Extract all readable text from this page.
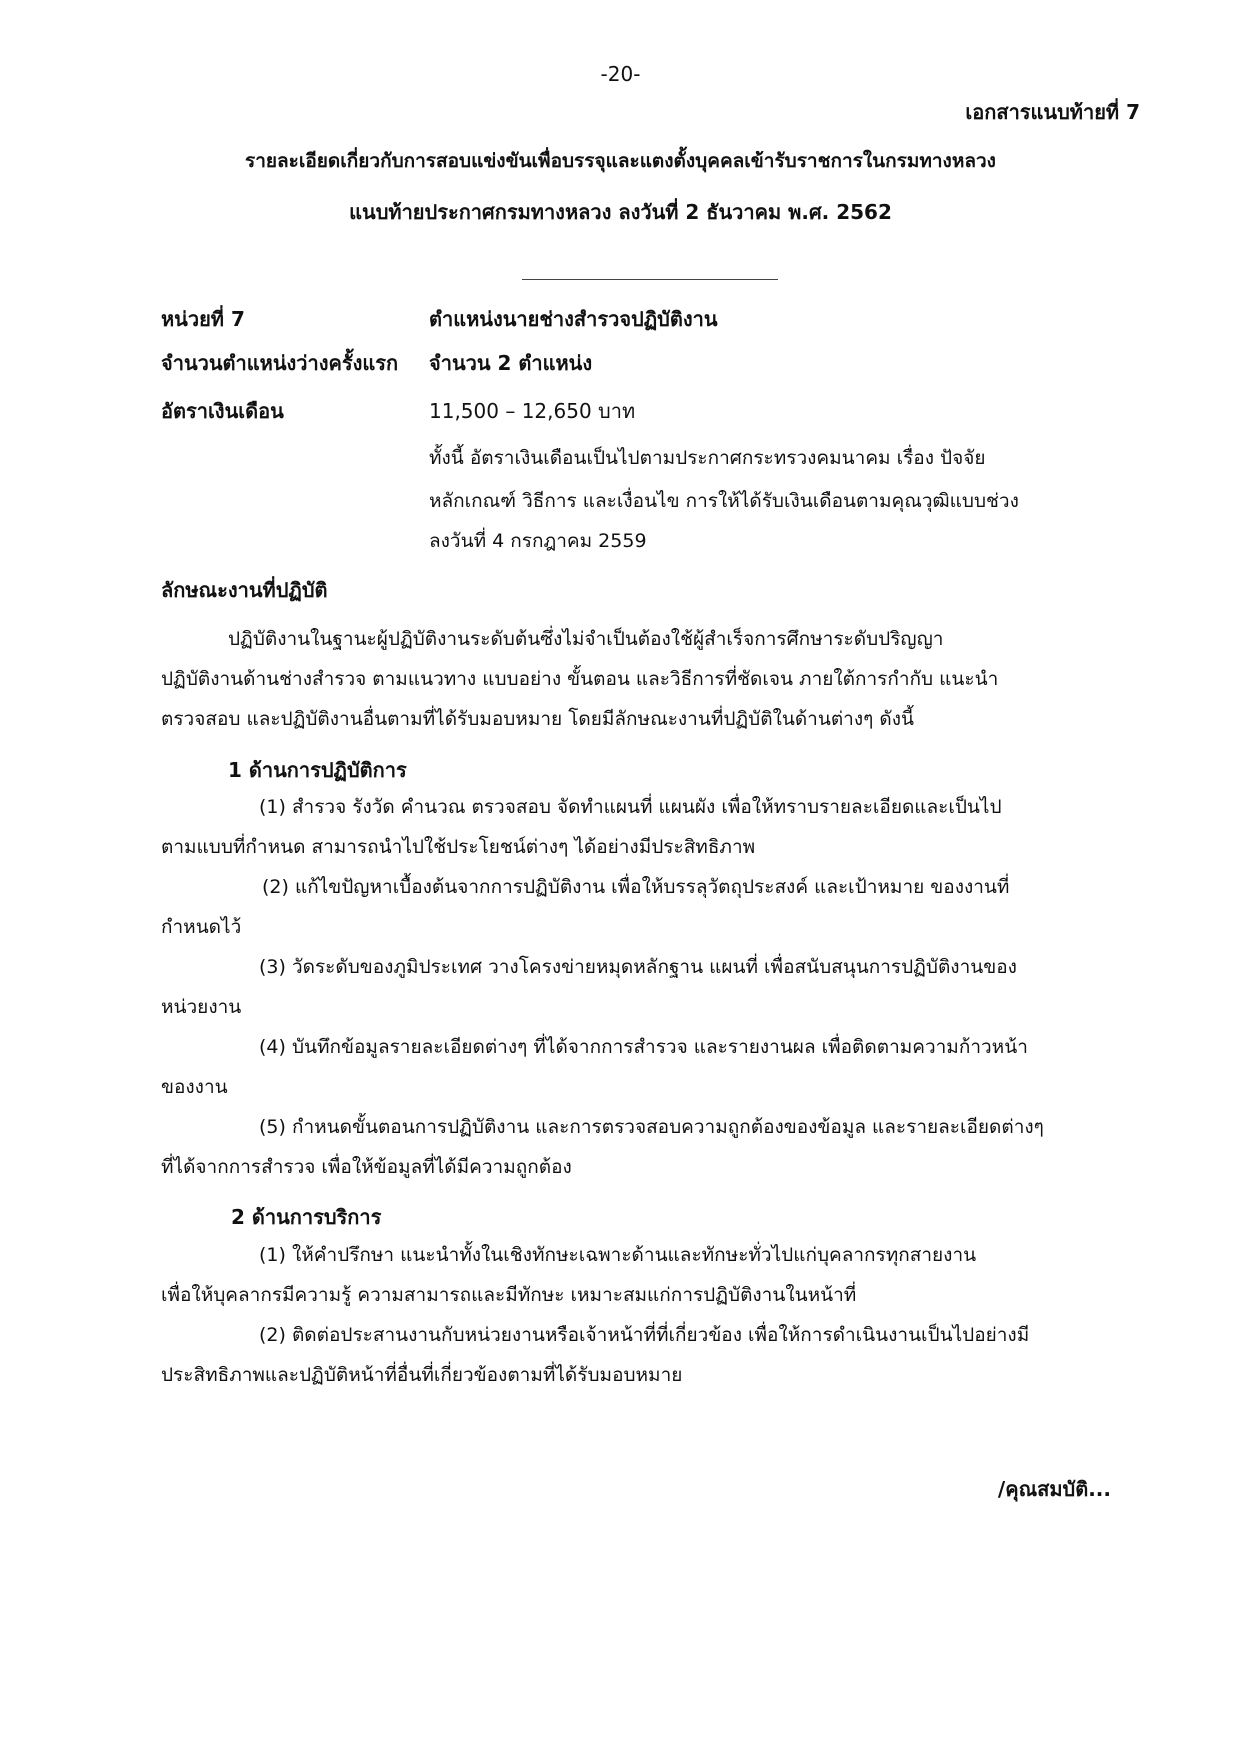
-20-
เอกสารแนบท้ายที่ 7
รายละเอียดเกี่ยวกับการสอบแข่งขันเพื่อบรรจุและแตงตั้งบุคคลเข้ารับราชการในกรมทางหลวง
แนบท้ายประกาศกรมทางหลวง ลงวันที่ 2 ธันวาคม พ.ศ. 2562
หน่วยที่ 7	ตำแหน่งนายช่างสำรวจปฏิบัติงาน
จำนวนตำแหน่งว่างครั้งแรก จำนวน 2 ตำแหน่ง
อัตราเงินเดือน	11,500 – 12,650 บาท
ทั้งนี้ อัตราเงินเดือนเป็นไปตามประกาศกระทรวงคมนาคม เรื่อง ปัจจัย
หลักเกณฑ์ วิธีการ และเงื่อนไข การให้ได้รับเงินเดือนตามคุณวุฒิแบบช่วง
ลงวันที่ 4 กรกฎาคม 2559
ลักษณะงานที่ปฏิบัติ
ปฏิบัติงานในฐานะผู้ปฏิบัติงานระดับต้นซึ่งไม่จำเป็นต้องใช้ผู้สำเร็จการศึกษาระดับปริญญา
ปฏิบัติงานด้านช่างสำรวจ ตามแนวทาง แบบอย่าง ขั้นตอน และวิธีการที่ชัดเจน ภายใต้การกำกับ แนะนำ
ตรวจสอบ และปฏิบัติงานอื่นตามที่ได้รับมอบหมาย โดยมีลักษณะงานที่ปฏิบัติในด้านต่างๆ ดังนี้
1 ด้านการปฏิบัติการ
(1) สำรวจ รังวัด คำนวณ ตรวจสอบ จัดทำแผนที่ แผนผัง เพื่อให้ทราบรายละเอียดและเป็นไป
ตามแบบที่กำหนด สามารถนำไปใช้ประโยชน์ต่างๆ ได้อย่างมีประสิทธิภาพ
(2) แก้ไขปัญหาเบื้องต้นจากการปฏิบัติงาน เพื่อให้บรรลุวัตถุประสงค์ และเป้าหมาย ของงานที่
กำหนดไว้
(3) วัดระดับของภูมิประเทศ วางโครงข่ายหมุดหลักฐาน แผนที่ เพื่อสนับสนุนการปฏิบัติงานของ
หน่วยงาน
(4) บันทึกข้อมูลรายละเอียดต่างๆ ที่ได้จากการสำรวจ และรายงานผล เพื่อติดตามความก้าวหน้า
ของงาน
(5) กำหนดขั้นตอนการปฏิบัติงาน และการตรวจสอบความถูกต้องของข้อมูล และรายละเอียดต่างๆ
ที่ได้จากการสำรวจ เพื่อให้ข้อมูลที่ได้มีความถูกต้อง
2 ด้านการบริการ
(1) ให้คำปรึกษา แนะนำทั้งในเชิงทักษะเฉพาะด้านและทักษะทั่วไปแก่บุคลากรทุกสายงาน
เพื่อให้บุคลากรมีความรู้ ความสามารถและมีทักษะ เหมาะสมแก่การปฏิบัติงานในหน้าที่
(2) ติดต่อประสานงานกับหน่วยงานหรือเจ้าหน้าที่ที่เกี่ยวข้อง เพื่อให้การดำเนินงานเป็นไปอย่างมี
ประสิทธิภาพและปฏิบัติหน้าที่อื่นที่เกี่ยวข้องตามที่ได้รับมอบหมาย
/คุณสมบัติ...
